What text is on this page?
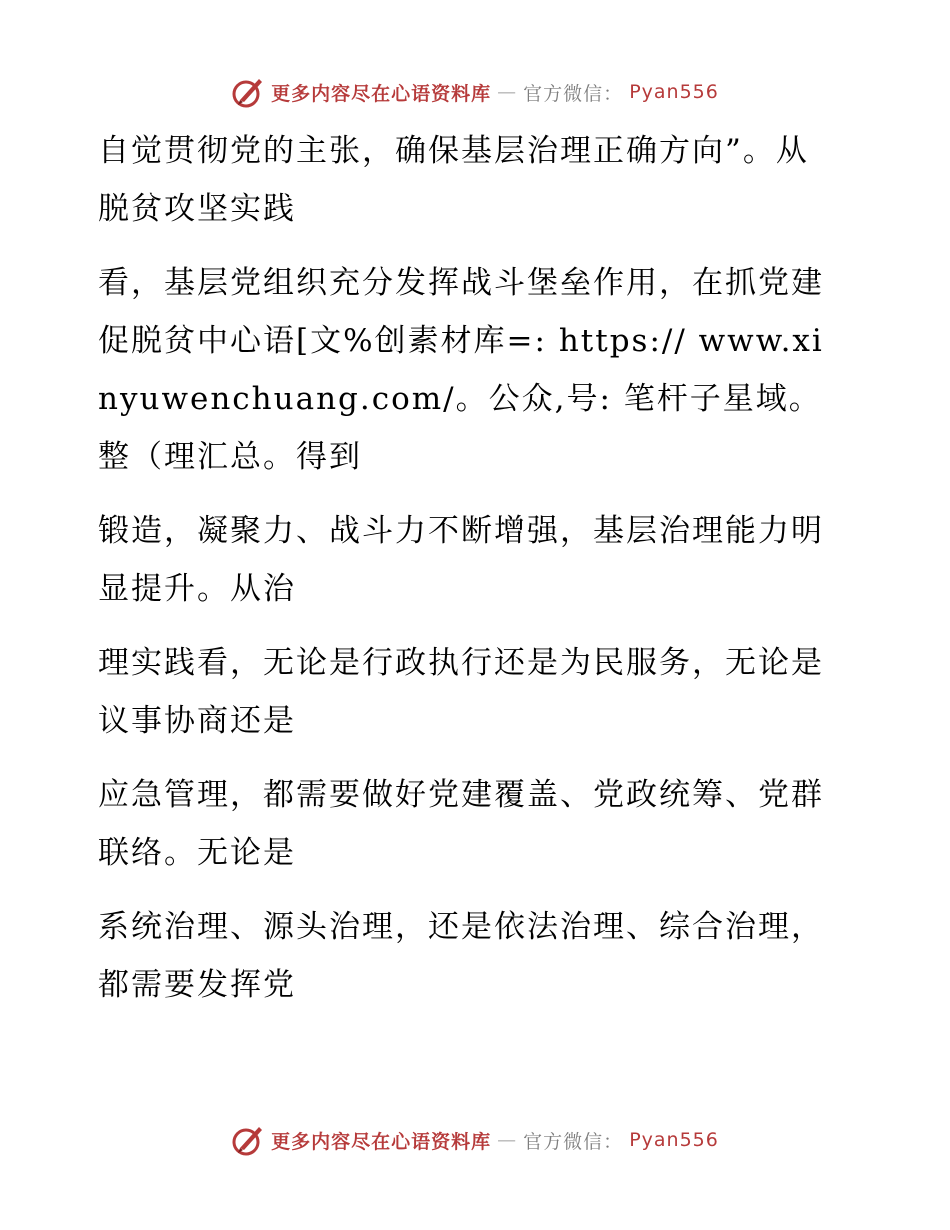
更多内容尽在心语资料库 — 官方微信： Pyan556

自觉贯彻党的主张，确保基层治理正确方向”。从脱贫攻坚实践

看，基层党组织充分发挥战斗堡垒作用，在抓党建促脱贫中心语[文%创素材库=: https:// www.xinyuwenchuang.com/。公众,号: 笔杆子星域。整（理汇总。得到

锻造，凝聚力、战斗力不断增强，基层治理能力明显提升。从治

理实践看，无论是行政执行还是为民服务，无论是议事协商还是

应急管理，都需要做好党建覆盖、党政统筹、党群联络。无论是

系统治理、源头治理，还是依法治理、综合治理，都需要发挥党

更多内容尽在心语资料库 — 官方微信： Pyan556
